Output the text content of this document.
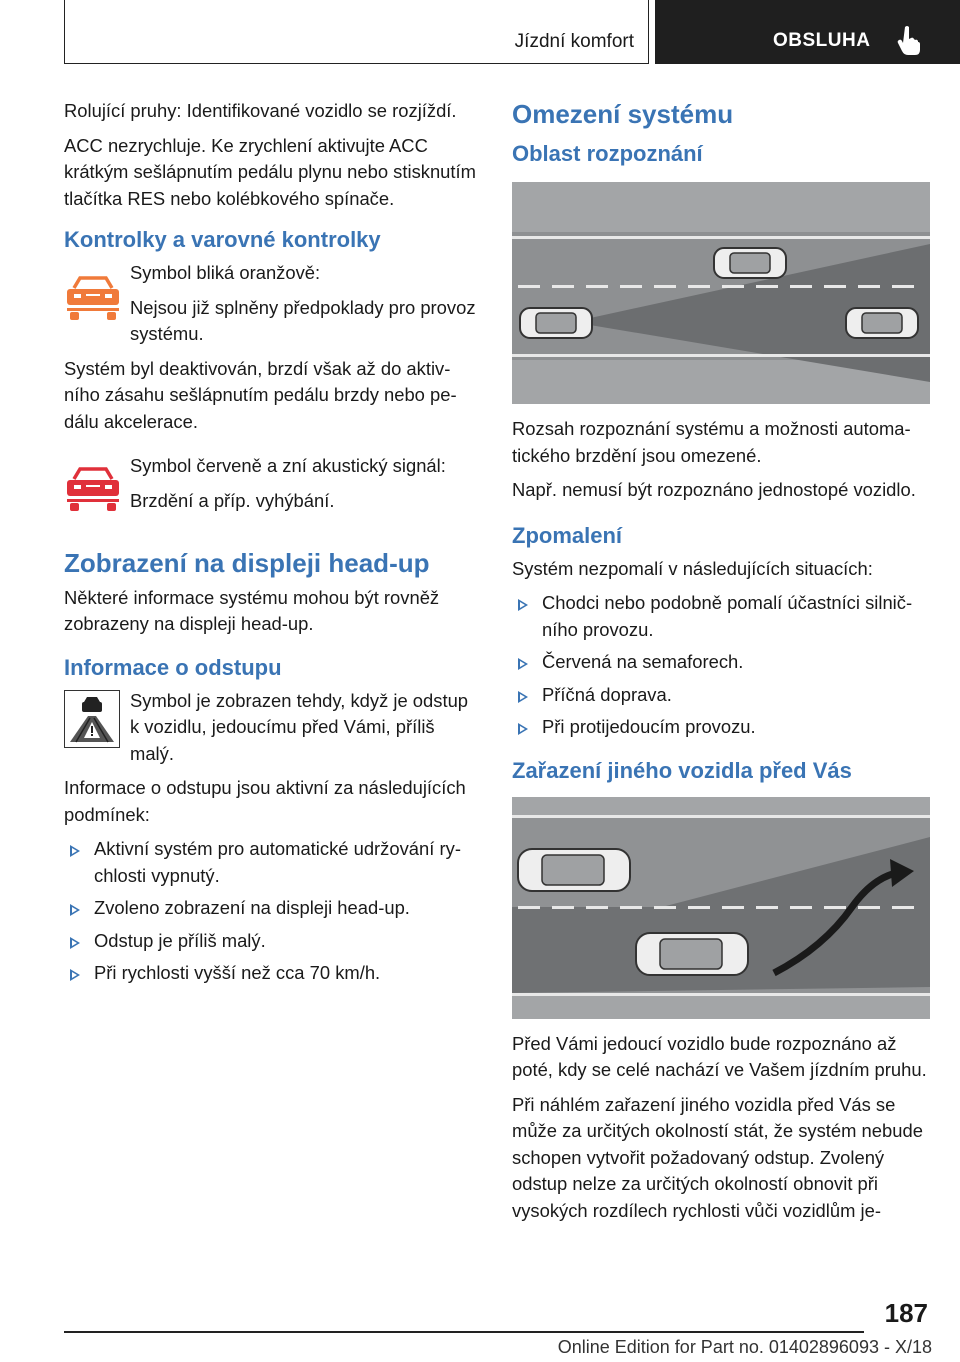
Jízdní komfort	OBSLUHA

Rolující pruhy: Identifikované vozidlo se rozjíždí.

ACC nezrychluje. Ke zrychlení aktivujte ACC krátkým sešlápnutím pedálu plynu nebo stisknutím tlačítka RES nebo kolébkového spínače.

Kontrolky a varovné kontrolky

Symbol bliká oranžově:

Nejsou již splněny předpoklady pro provoz systému.

Systém byl deaktivován, brzdí však až do aktivního zásahu sešlápnutím pedálu brzdy nebo pedálu akcelerace.

Symbol červeně a zní akustický signál:

Brzdění a příp. vyhýbání.

Zobrazení na displeji head-up

Některé informace systému mohou být rovněž zobrazeny na displeji head-up.

Informace o odstupu

Symbol je zobrazen tehdy, když je odstup k vozidlu, jedoucímu před Vámi, příliš malý.

Informace o odstupu jsou aktivní za následujících podmínek:

Aktivní systém pro automatické udržování rychlosti vypnutý.
Zvoleno zobrazení na displeji head-up.
Odstup je příliš malý.
Při rychlosti vyšší než cca 70 km/h.
Omezení systému
Oblast rozpoznání

Rozsah rozpoznání systému a možnosti automatického brzdění jsou omezené.

Např. nemusí být rozpoznáno jednostopé vozidlo.

Zpomalení

Systém nezpomalí v následujících situacích:

Chodci nebo podobně pomalí účastníci silničního provozu.
Červená na semaforech.
Příčná doprava.
Při protijedoucím provozu.
Zařazení jiného vozidla před Vás

Před Vámi jedoucí vozidlo bude rozpoznáno až poté, kdy se celé nachází ve Vašem jízdním pruhu.

Při náhlém zařazení jiného vozidla před Vás se může za určitých okolností stát, že systém nebude schopen vytvořit požadovaný odstup. Zvolený odstup nelze za určitých okolností obnovit při vysokých rozdílech rychlosti vůči vozidlům je-

187
Online Edition for Part no. 01402896093 - X/18
